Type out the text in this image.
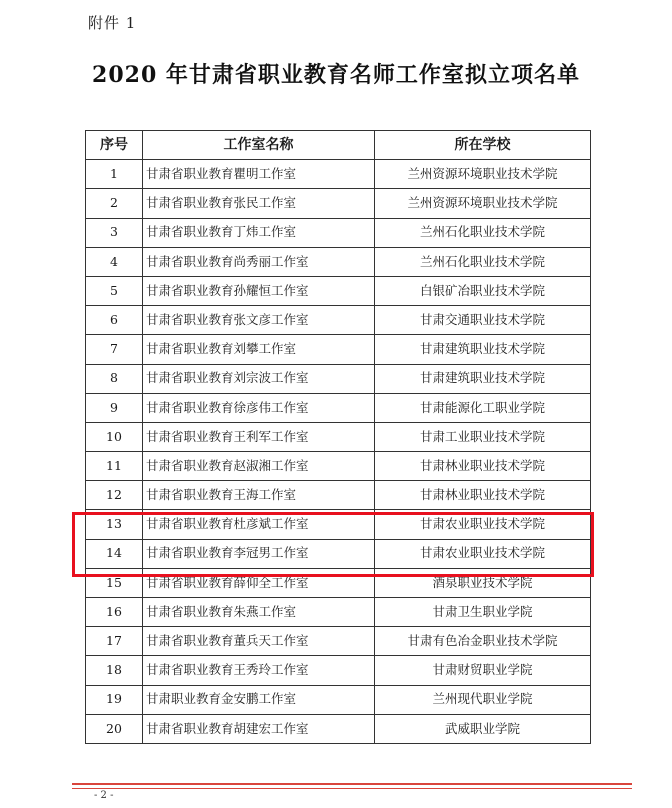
附件 1
2020 年甘肃省职业教育名师工作室拟立项名单
序号	工作室名称	所在学校
1	甘肃省职业教育瞿明工作室	兰州资源环境职业技术学院
2	甘肃省职业教育张民工作室	兰州资源环境职业技术学院
3	甘肃省职业教育丁炜工作室	兰州石化职业技术学院
4	甘肃省职业教育尚秀丽工作室	兰州石化职业技术学院
5	甘肃省职业教育孙耀恒工作室	白银矿冶职业技术学院
6	甘肃省职业教育张文彦工作室	甘肃交通职业技术学院
7	甘肃省职业教育刘攀工作室	甘肃建筑职业技术学院
8	甘肃省职业教育刘宗波工作室	甘肃建筑职业技术学院
9	甘肃省职业教育徐彦伟工作室	甘肃能源化工职业学院
10	甘肃省职业教育王利军工作室	甘肃工业职业技术学院
11	甘肃省职业教育赵淑湘工作室	甘肃林业职业技术学院
12	甘肃省职业教育王海工作室	甘肃林业职业技术学院
13	甘肃省职业教育杜彦斌工作室	甘肃农业职业技术学院
14	甘肃省职业教育李冠男工作室	甘肃农业职业技术学院
15	甘肃省职业教育薛仰全工作室	酒泉职业技术学院
16	甘肃省职业教育朱燕工作室	甘肃卫生职业学院
17	甘肃省职业教育董兵天工作室	甘肃有色冶金职业技术学院
18	甘肃省职业教育王秀玲工作室	甘肃财贸职业学院
19	甘肃职业教育金安鹏工作室	兰州现代职业学院
20	甘肃省职业教育胡建宏工作室	武威职业学院
- 2 -
